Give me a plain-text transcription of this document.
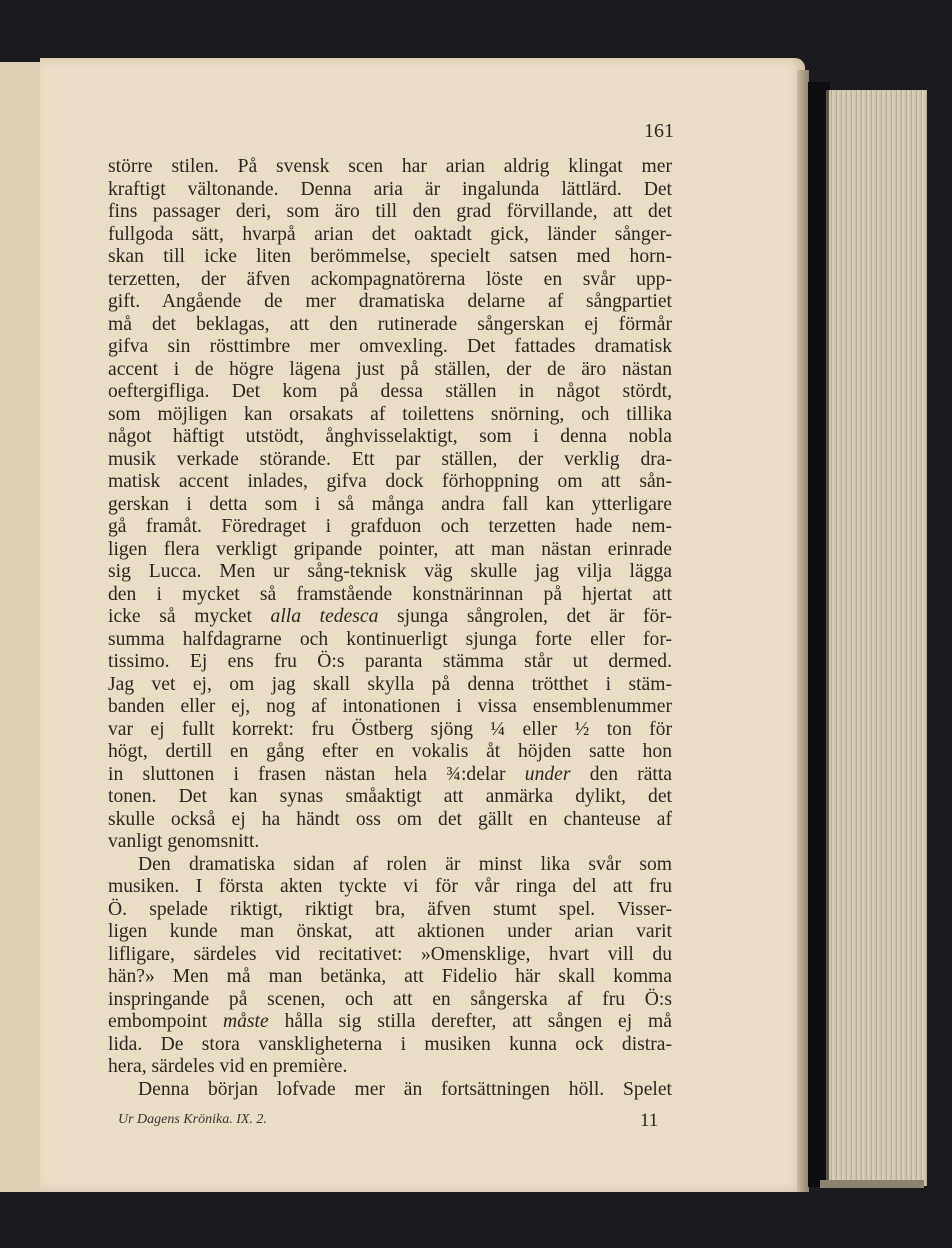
161
större stilen. På svensk scen har arian aldrig klingat mer
kraftigt vältonande. Denna aria är ingalunda lättlärd. Det
fins passager deri, som äro till den grad förvillande, att det
fullgoda sätt, hvarpå arian det oaktadt gick, länder sånger-
skan till icke liten berömmelse, specielt satsen med horn-
terzetten, der äfven ackompagnatörerna löste en svår upp-
gift. Angående de mer dramatiska delarne af sångpartiet
må det beklagas, att den rutinerade sångerskan ej förmår
gifva sin rösttimbre mer omvexling. Det fattades dramatisk
accent i de högre lägena just på ställen, der de äro nästan
oeftergifliga. Det kom på dessa ställen in något stördt,
som möjligen kan orsakats af toilettens snörning, och tillika
något häftigt utstödt, ånghvisselaktigt, som i denna nobla
musik verkade störande. Ett par ställen, der verklig dra-
matisk accent inlades, gifva dock förhoppning om att sån-
gerskan i detta som i så många andra fall kan ytterligare
gå framåt. Föredraget i grafduon och terzetten hade nem-
ligen flera verkligt gripande pointer, att man nästan erinrade
sig Lucca. Men ur sång-teknisk väg skulle jag vilja lägga
den i mycket så framstående konstnärinnan på hjertat att
icke så mycket alla tedesca sjunga sångrolen, det är för-
summa halfdagrarne och kontinuerligt sjunga forte eller for-
tissimo. Ej ens fru Ö:s paranta stämma står ut dermed.
Jag vet ej, om jag skall skylla på denna trötthet i stäm-
banden eller ej, nog af intonationen i vissa ensemblenummer
var ej fullt korrekt: fru Östberg sjöng ¼ eller ½ ton för
högt, dertill en gång efter en vokalis åt höjden satte hon
in sluttonen i frasen nästan hela ¾:delar under den rätta
tonen. Det kan synas småaktigt att anmärka dylikt, det
skulle också ej ha händt oss om det gällt en chanteuse af
vanligt genomsnitt.
Den dramatiska sidan af rolen är minst lika svår som
musiken. I första akten tyckte vi för vår ringa del att fru
Ö. spelade riktigt, riktigt bra, äfven stumt spel. Visser-
ligen kunde man önskat, att aktionen under arian varit
lifligare, särdeles vid recitativet: »Omensklige, hvart vill du
hän?» Men må man betänka, att Fidelio här skall komma
inspringande på scenen, och att en sångerska af fru Ö:s
embompoint måste hålla sig stilla derefter, att sången ej må
lida. De stora vanskligheterna i musiken kunna ock distra-
hera, särdeles vid en première.
Denna början lofvade mer än fortsättningen höll. Spelet
Ur Dagens Krönika. IX. 2.	11
